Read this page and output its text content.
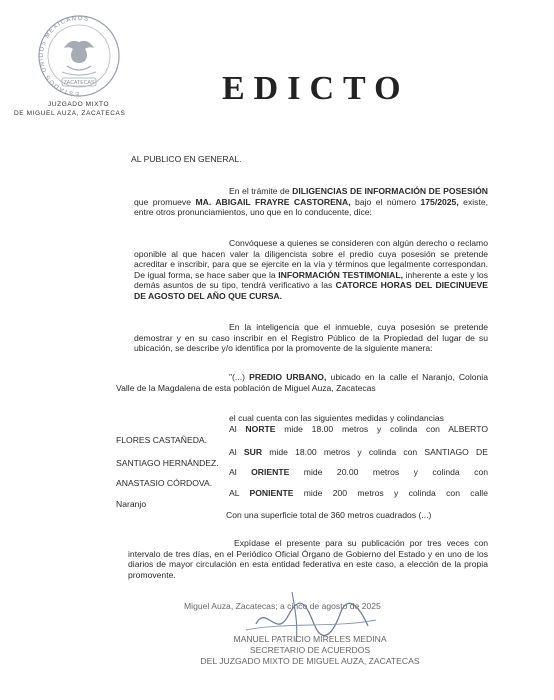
ESTADOS UNIDOS MEXICANOS
ZACATECAS
JUZGADO MIXTO
DE MIGUEL AUZA, ZACATECAS
EDICTO
AL PUBLICO EN GENERAL.
En el trámite de DILIGENCIAS DE INFORMACIÓN DE POSESIÓN que promueve MA. ABIGAIL FRAYRE CASTORENA, bajo el número 175/2025, existe, entre otros pronunciamientos, uno que en lo conducente, dice:
Convóquese a quienes se consideren con algún derecho o reclamo oponible al que hacen valer la diligencista sobre el predio cuya posesión se pretende acreditar e inscribir, para que se ejercite en la vía y términos que legalmente correspondan. De igual forma, se hace saber que la INFORMACIÓN TESTIMONIAL, inherente a este y los demás asuntos de su tipo, tendrá verificativo a las CATORCE HORAS DEL DIECINUEVE DE AGOSTO DEL AÑO QUE CURSA.
En la inteligencia que el inmueble, cuya posesión se pretende demostrar y en su caso inscribir en el Registro Público de la Propiedad del lugar de su ubicación, se describe y/o identifica por la promovente de la siguiente manera:
"(...) PREDIO URBANO, ubicado en la calle el Naranjo, Colonia Valle de la Magdalena de esta población de Miguel Auza, Zacatecas
el cual cuenta con las siguientes medidas y colindancias
Al NORTE mide 18.00 metros y colinda con ALBERTO
FLORES CASTAÑEDA.
Al SUR mide 18.00 metros y colinda con SANTIAGO DE
SANTIAGO HERNÁNDEZ.
Al ORIENTE mide 20.00 metros y colinda con
ANASTASIO CÓRDOVA.
AL PONIENTE mide 200 metros y colinda con calle
Naranjo
Con una superficie total de 360 metros cuadrados (...)
Expídase el presente para su publicación por tres veces con intervalo de tres días, en el Periódico Oficial Órgano de Gobierno del Estado y en uno de los diarios de mayor circulación en esta entidad federativa en este caso, a elección de la propia promovente.
Miguel Auza, Zacatecas; a cinco de agosto de 2025
MANUEL PATRICIO MIRELES MEDINA
SECRETARIO DE ACUERDOS
DEL JUZGADO MIXTO DE MIGUEL AUZA, ZACATECAS
